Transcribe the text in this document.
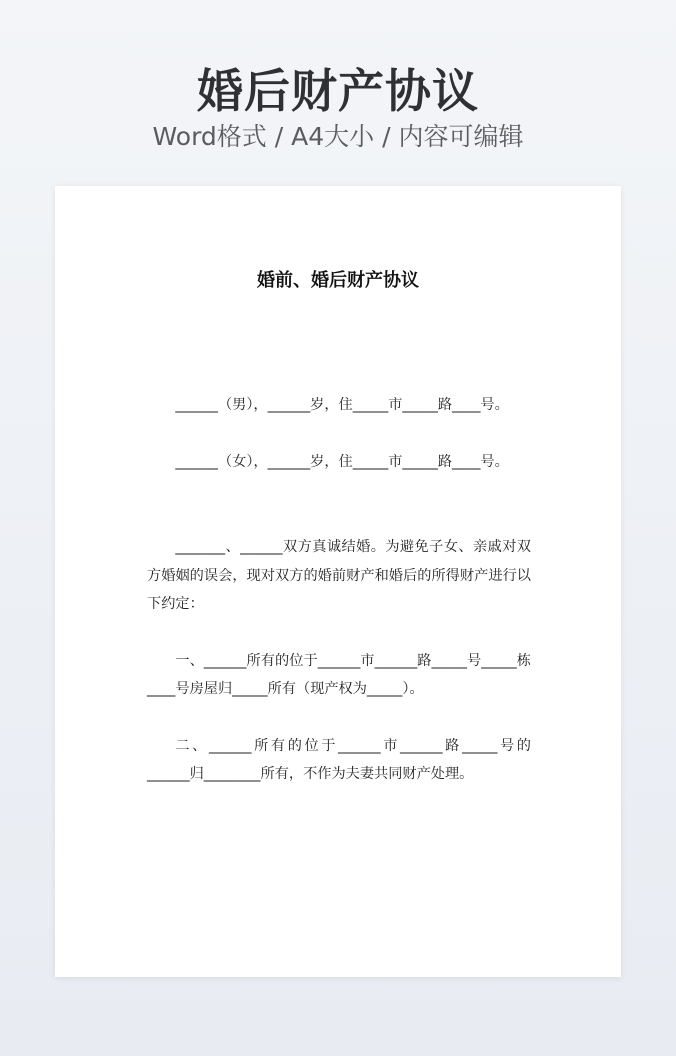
婚后财产协议
Word格式 / A4大小 / 内容可编辑
婚前、婚后财产协议

______（男），______岁，住_____市_____路____号。

______（女），______岁，住_____市_____路____号。

_______、______双方真诚结婚。为避免子女、亲戚对双方婚姻的误会，现对双方的婚前财产和婚后的所得财产进行以下约定：

一、______所有的位于______市______路_____号_____栋____号房屋归_____所有（现产权为_____）。

二、______所有的位于______市______路_____号的______归________所有，不作为夫妻共同财产处理。
